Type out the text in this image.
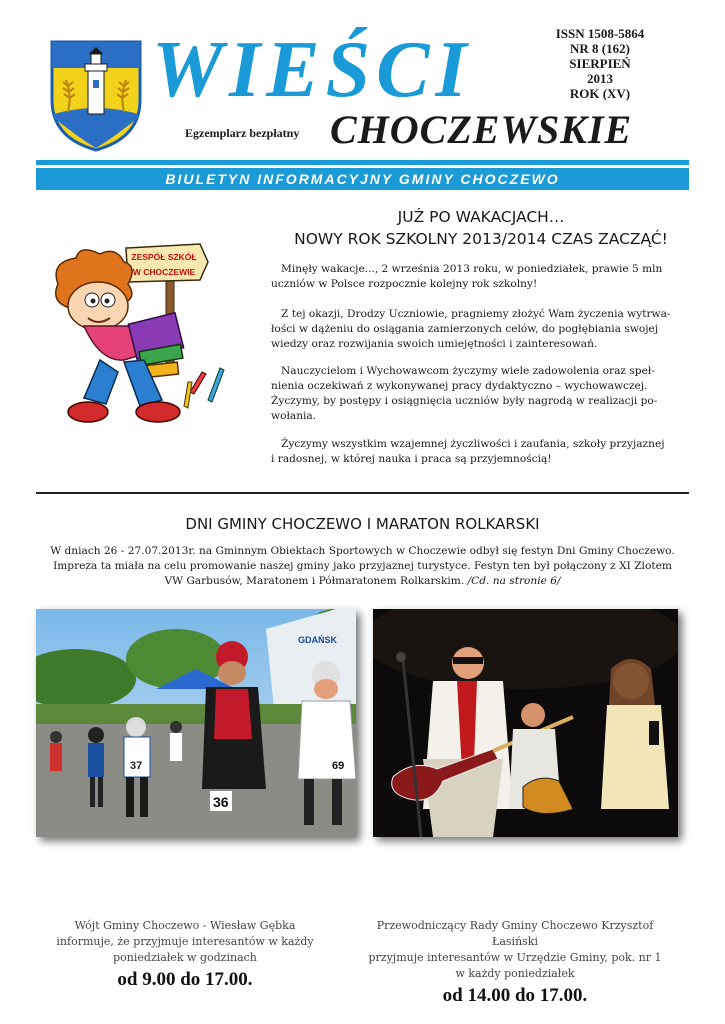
WIEŚCI
CHOCZEWSKIE
Egzemplarz bezpłatny
ISSN 1508-5864
NR 8 (162)
SIERPIEŃ
2013
ROK (XV)
BIULETYN INFORMACYJNY GMINY CHOCZEWO
ZESPÓŁ SZKÓŁ
W CHOCZEWIE
JUŻ PO WAKACJACH…
NOWY ROK SZKOLNY 2013/2014 CZAS ZACZĄĆ!

Minęły wakacje..., 2 września 2013 roku, w poniedziałek, prawie 5 mln
uczniów w Polsce rozpocznie kolejny rok szkolny!

Z tej okazji, Drodzy Uczniowie, pragniemy złożyć Wam życzenia wytrwa-
łości w dążeniu do osiągania zamierzonych celów, do pogłębiania swojej
wiedzy oraz rozwijania swoich umiejętności i zainteresowań.

Nauczycielom i Wychowawcom życzymy wiele zadowolenia oraz speł-
nienia oczekiwań z wykonywanej pracy dydaktyczno – wychowawczej.
Życzymy, by postępy i osiągnięcia uczniów były nagrodą w realizacji po-
wołania.

Życzymy wszystkim wzajemnej życzliwości i zaufania, szkoły przyjaznej
i radosnej, w której nauka i praca są przyjemnością!

DNI GMINY CHOCZEWO I MARATON ROLKARSKI

W dniach 26 - 27.07.2013r. na Gminnym Obiektach Sportowych w Choczewie odbył się festyn Dni Gminy Choczewo.
Impreza ta miała na celu promowanie naszej gminy jako przyjaznej turystyce. Festyn ten był połączony z XI Zlotem
VW Garbusów, Maratonem i Półmaratonem Rolkarskim. /Cd. na stronie 6/

GDAŃSK
37
36
69
Wójt Gminy Choczewo - Wiesław Gębka
informuje, że przyjmuje interesantów w każdy
poniedziałek w godzinach
od 9.00 do 17.00.
Przewodniczący Rady Gminy Choczewo Krzysztof Łasiński
przyjmuje interesantów w Urzędzie Gminy, pok. nr 1
w każdy poniedziałek
od 14.00 do 17.00.
